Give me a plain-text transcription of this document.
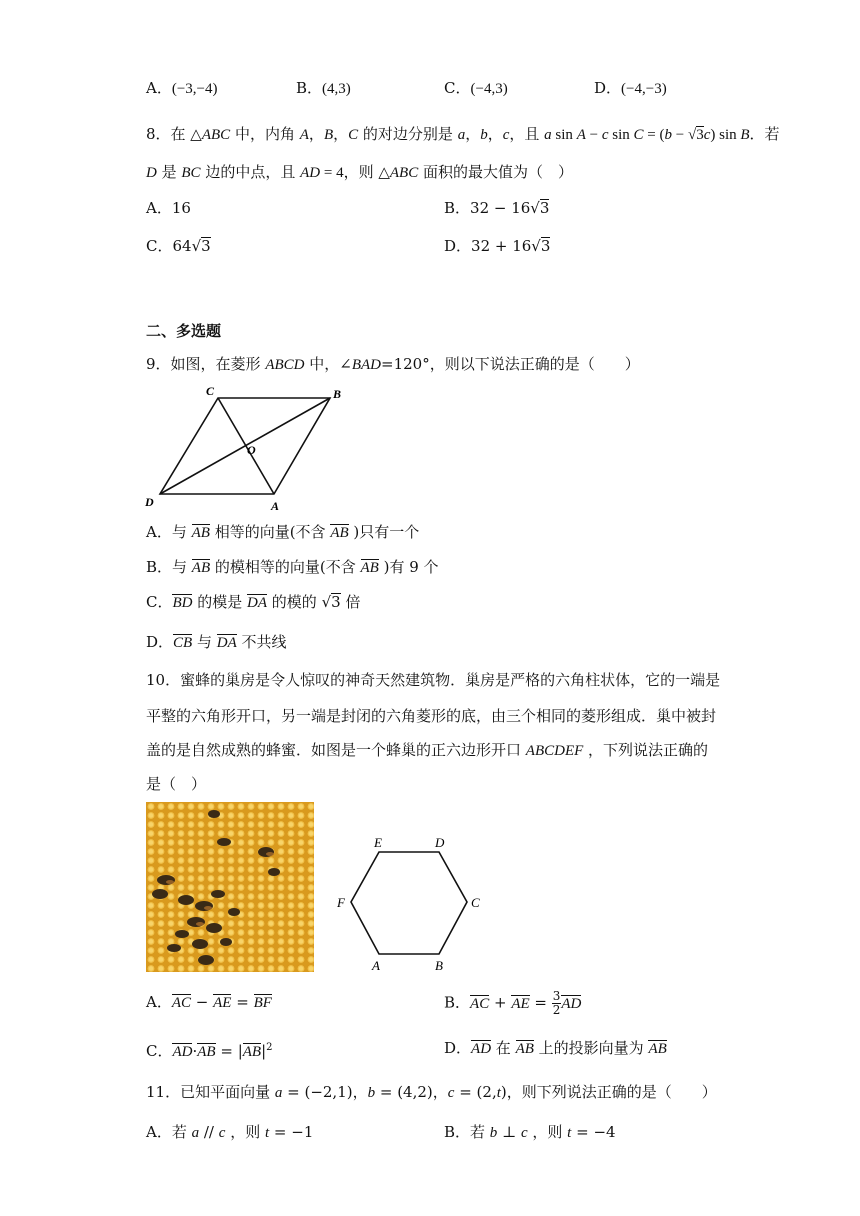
A．(−3,−4)	B．(4,3)	C．(−4,3)	D．(−4,−3)
8．在 △ABC 中，内角 A，B，C 的对边分别是 a，b，c，且 a sin A − c sin C = (b − √3c) sin B．若
D 是 BC 边的中点，且 AD = 4，则 △ABC 面积的最大值为（　）
A．16	B．32 − 16√3
C．64√3	D．32 + 16√3
二、多选题
9．如图，在菱形 ABCD 中，∠BAD=120°，则以下说法正确的是（　　）
C	B
O
D	A
A．与 AB 相等的向量(不含 AB )只有一个
B．与 AB 的模相等的向量(不含 AB )有 9 个
C．BD 的模是 DA 的模的 √3 倍
D．CB 与 DA 不共线
10．蜜蜂的巢房是令人惊叹的神奇天然建筑物．巢房是严格的六角柱状体，它的一端是
平整的六角形开口，另一端是封闭的六角菱形的底，由三个相同的菱形组成．巢中被封
盖的是自然成熟的蜂蜜．如图是一个蜂巢的正六边形开口 ABCDEF ，下列说法正确的
是（　）
E	D
F	C
A	B
A．AC − AE = BF	B．AC + AE = $\frac{3}{2}$ AD
C．$AD\cdot AB = |AB|^2$	D．AD 在 AB 上的投影向量为 AB
11．已知平面向量 a = (−2,1)，b = (4,2)，c = (2,t)，则下列说法正确的是（　　）
A．若 a // c ，则 t = −1	B．若 b ⊥ c ，则 t = −4
